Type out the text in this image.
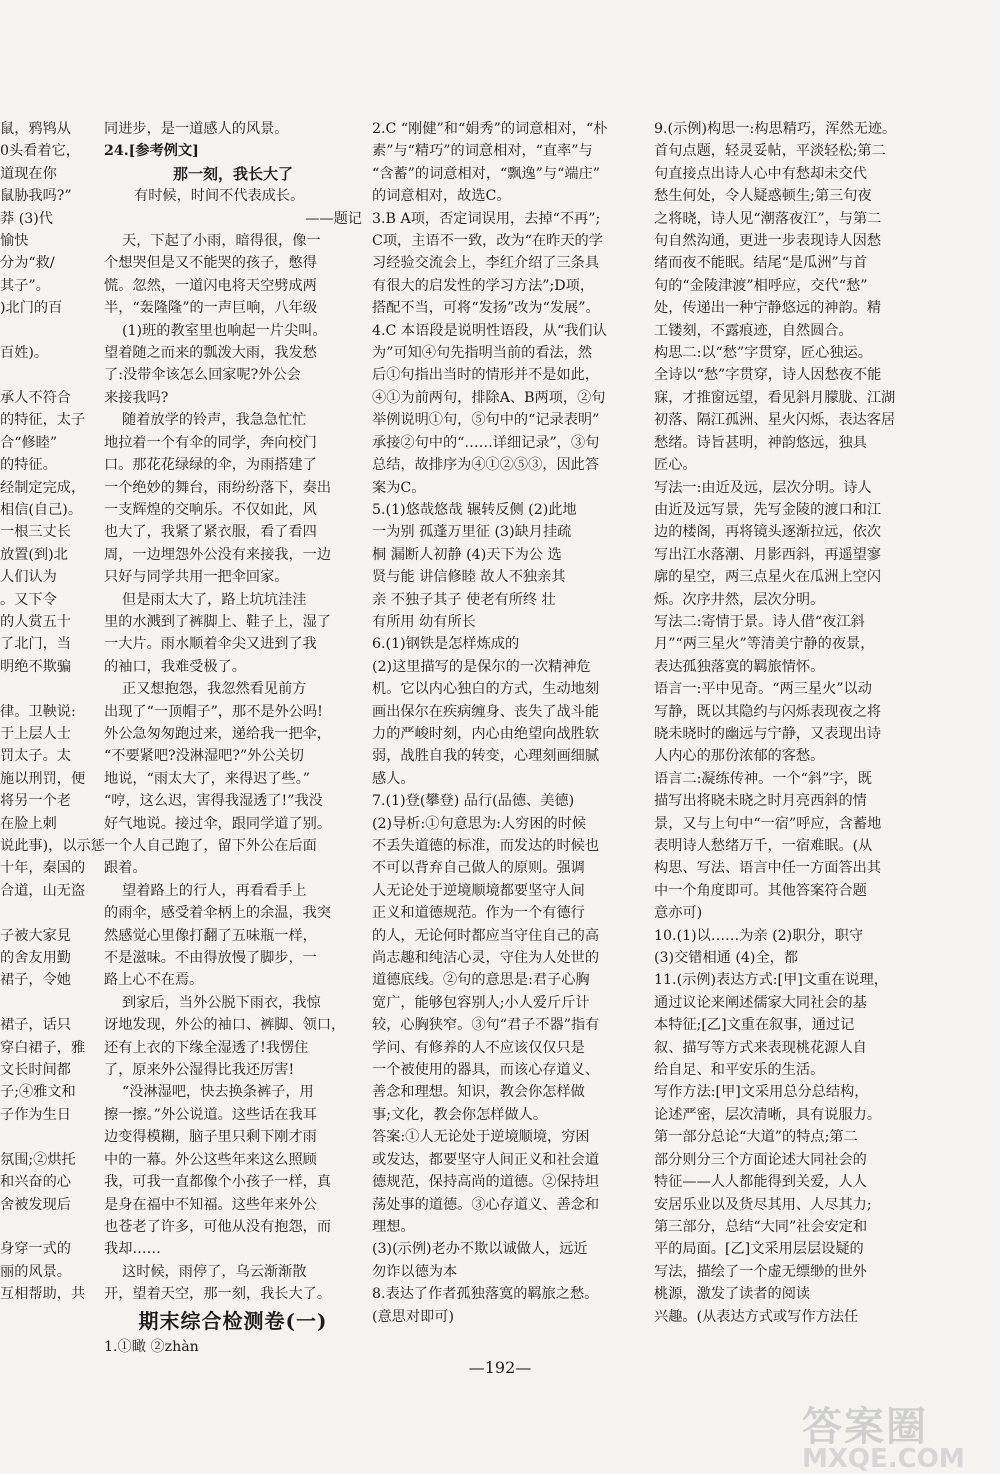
鼠，鸦鸨从
0头看着它，
道现在你
鼠胁我吗?”
莽 (3)代
愉快
分为“救/
其子”。
)北门的百

百姓)。

承人不符合
的特征，太子
合“修睦”
的特征。
经制定完成，
相信(自己)。
一根三丈长
放置(到)北
人们认为
。又下令
的人赏五十
了北门，当
明绝不欺骗

律。卫鞅说:
于上层人士
罚太子。太
施以刑罚，便
将另一个老
在脸上刺
说此事)，以示惩
十年，秦国的
合道，山无盗

子被大家見
的舍友用勤
裙子，令她

裙子，话只
穿白裙子，雅
文长时间都
子;④雅文和
子作为生日

氛围;②烘托
和兴奋的心
舍被发现后

身穿一式的
丽的风景。
互相帮助，共
同进步，是一道感人的风景。
24.[参考例文]
那一刻，我长大了
有时候，时间不代表成长。
——题记
天，下起了小雨，暗得很，像一
个想哭但是又不能哭的孩子，憋得
慌。忽然，一道闪电将天空劈成两
半，“轰隆隆”的一声巨响，八年级
(1)班的教室里也响起一片尖叫。
望着随之而来的瓢泼大雨，我发愁
了:没带伞该怎么回家呢?外公会
来接我吗?
随着放学的铃声，我急急忙忙
地拉着一个有伞的同学，奔向校门
口。那花花绿绿的伞，为雨搭建了
一个绝妙的舞台，雨纷纷落下，奏出
一支辉煌的交响乐。不仅如此，风
也大了，我紧了紧衣服，看了看四
周，一边埋怨外公没有来接我，一边
只好与同学共用一把伞回家。
但是雨太大了，路上坑坑洼洼
里的水溅到了裤脚上、鞋子上，湿了
一大片。雨水顺着伞尖又进到了我
的袖口，我难受极了。
正又想抱怨，我忽然看见前方
出现了“一顶帽子”，那不是外公吗!
外公急匆匆跑过来，递给我一把伞，
“不要紧吧?没淋湿吧?”外公关切
地说，“雨太大了，来得迟了些。”
“哼，这么迟，害得我湿透了!”我没
好气地说。接过伞，跟同学道了别。
一个人自己跑了，留下外公在后面
跟着。
望着路上的行人，再看看手上
的雨伞，感受着伞柄上的余温，我突
然感觉心里像打翻了五味瓶一样，
不是滋味。不由得放慢了脚步，一
路上心不在焉。
到家后，当外公脱下雨衣，我惊
讶地发现，外公的袖口、裤脚、领口，
还有上衣的下缘全湿透了!我愣住
了，原来外公湿得比我还厉害!
“没淋湿吧，快去换条裤子，用
擦一擦。”外公说道。这些话在我耳
边变得模糊，脑子里只剩下刚才雨
中的一幕。外公这些年来这么照顾
我，可我一直都像个小孩子一样，真
是身在福中不知福。这些年来外公
也苍老了许多，可他从没有抱怨，而
我却……
这时候，雨停了，乌云渐渐散
开，望着天空，那一刻，我长大了。
期末综合检测卷(一)
1.①瞰 ②zhàn
2.C “刚健”和“娟秀”的词意相对，“朴
素”与“精巧”的词意相对，“直率”与
“含蓄”的词意相对，“飘逸”与“端庄”
的词意相对，故选C。
3.B A项，否定词误用，去掉“不再”;
C项，主语不一致，改为“在昨天的学
习经验交流会上，李红介绍了三条具
有很大的启发性的学习方法”;D项，
搭配不当，可将“发扬”改为“发展”。
4.C 本语段是说明性语段，从“我们认
为”可知④句先指明当前的看法，然
后①句指出当时的情形并不是如此，
④①为前两句，排除A、B两项，②句
举例说明①句，⑤句中的“记录表明”
承接②句中的“……详细记录”，③句
总结，故排序为④①②⑤③，因此答
案为C。
5.(1)悠哉悠哉 辗转反侧 (2)此地
一为别 孤蓬万里征 (3)缺月挂疏
桐 漏断人初静 (4)天下为公 选
贤与能 讲信修睦 故人不独亲其
亲 不独子其子 使老有所终 壮
有所用 幼有所长
6.(1)钢铁是怎样炼成的
(2)这里描写的是保尔的一次精神危
机。它以内心独白的方式，生动地刻
画出保尔在疾病缠身、丧失了战斗能
力的严峻时刻，内心由绝望向战胜软
弱，战胜自我的转变，心理刻画细腻
感人。
7.(1)登(攀登) 品行(品德、美德)
(2)导析:①句意思为:人穷困的时候
不丢失道德的标准，而发达的时候也
不可以背弃自己做人的原则。强调
人无论处于逆境顺境都要坚守人间
正义和道德规范。作为一个有德行
的人，无论何时都应当守住自己的高
尚志趣和纯洁心灵，守住为人处世的
道德底线。②句的意思是:君子心胸
宽广，能够包容别人;小人爱斤斤计
较，心胸狭窄。③句“君子不器”指有
学问、有修养的人不应该仅仅只是
一个被使用的器具，而该心存道义、
善念和理想。知识，教会你怎样做
事;文化，教会你怎样做人。
答案:①人无论处于逆境顺境，穷困
或发达，都要坚守人间正义和社会道
德规范，保持高尚的道德。②保持坦
荡处事的道德。③心存道义、善念和
理想。
(3)(示例)老办不欺以诚做人，远近
勿诈以德为本
8.表达了作者孤独落寞的羁旅之愁。
(意思对即可)
9.(示例)构思一:构思精巧，浑然无迹。
首句点题，轻灵妥帖，平淡轻松;第二
句直接点出诗人心中有愁却未交代
愁生何处，令人疑惑顿生;第三句夜
之将晓，诗人见“潮落夜江”，与第二
句自然沟通，更进一步表现诗人因愁
绪而夜不能眠。结尾“是瓜洲”与首
句的“金陵津渡”相呼应，交代“愁”
处，传递出一种宁静悠远的神韵。精
工镂刻，不露痕迹，自然圆合。
构思二:以“愁”字贯穿，匠心独运。
全诗以“愁”字贯穿，诗人因愁夜不能
寐，才推窗远望，看见斜月朦胧、江湖
初落、隔江孤洲、星火闪烁，表达客居
愁绪。诗旨甚明，神韵悠远，独具
匠心。
写法一:由近及远，层次分明。诗人
由近及远写景，先写金陵的渡口和江
边的楼阁，再将镜头逐渐拉远，依次
写出江水落潮、月影西斜，再遥望寥
廓的星空，两三点星火在瓜洲上空闪
烁。次序井然，层次分明。
写法二:寄情于景。诗人借“夜江斜
月”“两三星火”等清美宁静的夜景，
表达孤独落寞的羁旅情怀。
语言一:平中见奇。“两三星火”以动
写静，既以其隐约与闪烁表现夜之将
晓未晓时的幽远与宁静，又表现出诗
人内心的那份浓郁的客愁。
语言二:凝练传神。一个“斜”字，既
描写出将晓未晓之时月亮西斜的情
景，又与上句中“一宿”呼应，含蓄地
表明诗人愁绪万千，一宿难眠。(从
构思、写法、语言中任一方面答出其
中一个角度即可。其他答案符合题
意亦可)
10.(1)以……为亲 (2)职分，职守
(3)交错相通 (4)全，都
11.(示例)表达方式:[甲]文重在说理，
通过议论来阐述儒家大同社会的基
本特征;[乙]文重在叙事，通过记
叙、描写等方式来表现桃花源人自
给自足、和平安乐的生活。
写作方法:[甲]文采用总分总结构，
论述严密，层次清晰，具有说服力。
第一部分总论“大道”的特点;第二
部分则分三个方面论述大同社会的
特征——人人都能得到关爱，人人
安居乐业以及货尽其用、人尽其力;
第三部分，总结“大同”社会安定和
平的局面。[乙]文采用层层设疑的
写法，描绘了一个虚无缥缈的世外
桃源，激发了读者的阅读
兴趣。(从表达方式或写作方法任
—192—
答案圈
MXQE.COM
